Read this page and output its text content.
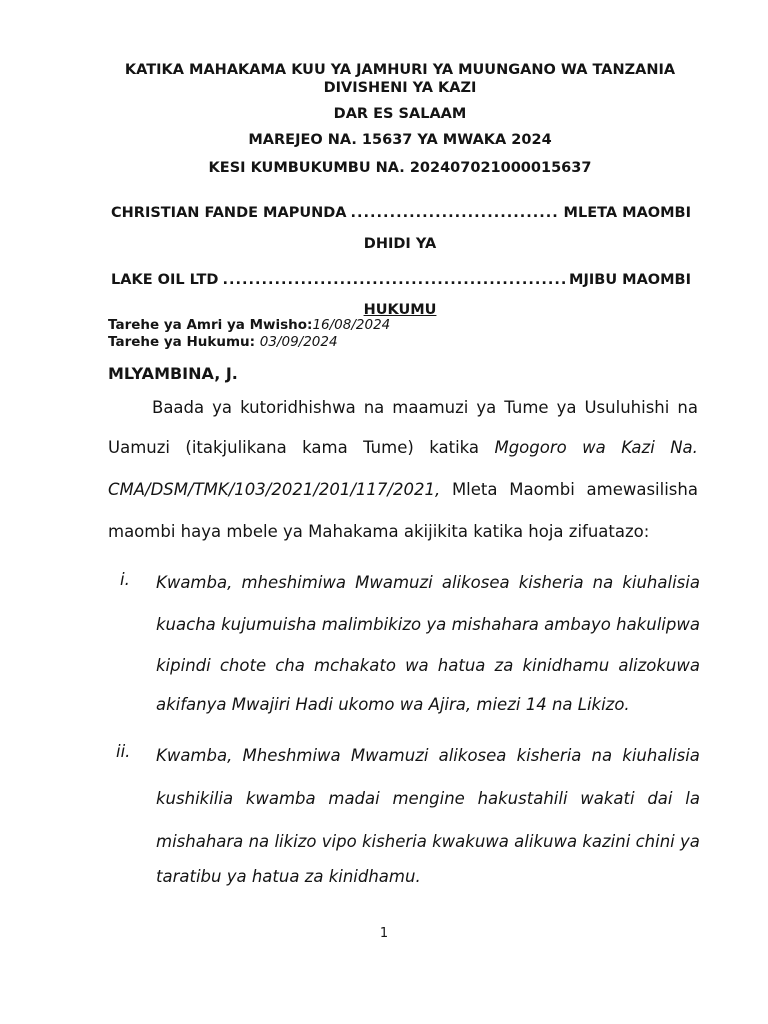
KATIKA MAHAKAMA KUU YA JAMHURI YA MUUNGANO WA TANZANIA
DIVISHENI YA KAZI
DAR ES SALAAM
MAREJEO NA. 15637 YA MWAKA 2024
KESI KUMBUKUMBU NA. 202407021000015637
CHRISTIAN FANDE MAPUNDA .....	MLETA MAOMBI
DHIDI YA
LAKE OIL LTD .....	MJIBU MAOMBI
HUKUMU
Tarehe ya Amri ya Mwisho:16/08/2024
Tarehe ya Hukumu: 03/09/2024
MLYAMBINA, J.
Baada ya kutoridhishwa na maamuzi ya Tume ya Usuluhishi na
Uamuzi (itakjulikana kama Tume) katika Mgogoro wa Kazi Na.
CMA/DSM/TMK/103/2021/201/117/2021, Mleta Maombi amewasilisha
maombi haya mbele ya Mahakama akijikita katika hoja zifuatazo:
i. Kwamba, mheshimiwa Mwamuzi alikosea kisheria na kiuhalisia
kuacha kujumuisha malimbikizo ya mishahara ambayo hakulipwa
kipindi chote cha mchakato wa hatua za kinidhamu alizokuwa
akifanya Mwajiri Hadi ukomo wa Ajira, miezi 14 na Likizo.
ii. Kwamba, Mheshmiwa Mwamuzi alikosea kisheria na kiuhalisia
kushikilia kwamba madai mengine hakustahili wakati dai la
mishahara na likizo vipo kisheria kwakuwa alikuwa kazini chini ya
taratibu ya hatua za kinidhamu.
1
